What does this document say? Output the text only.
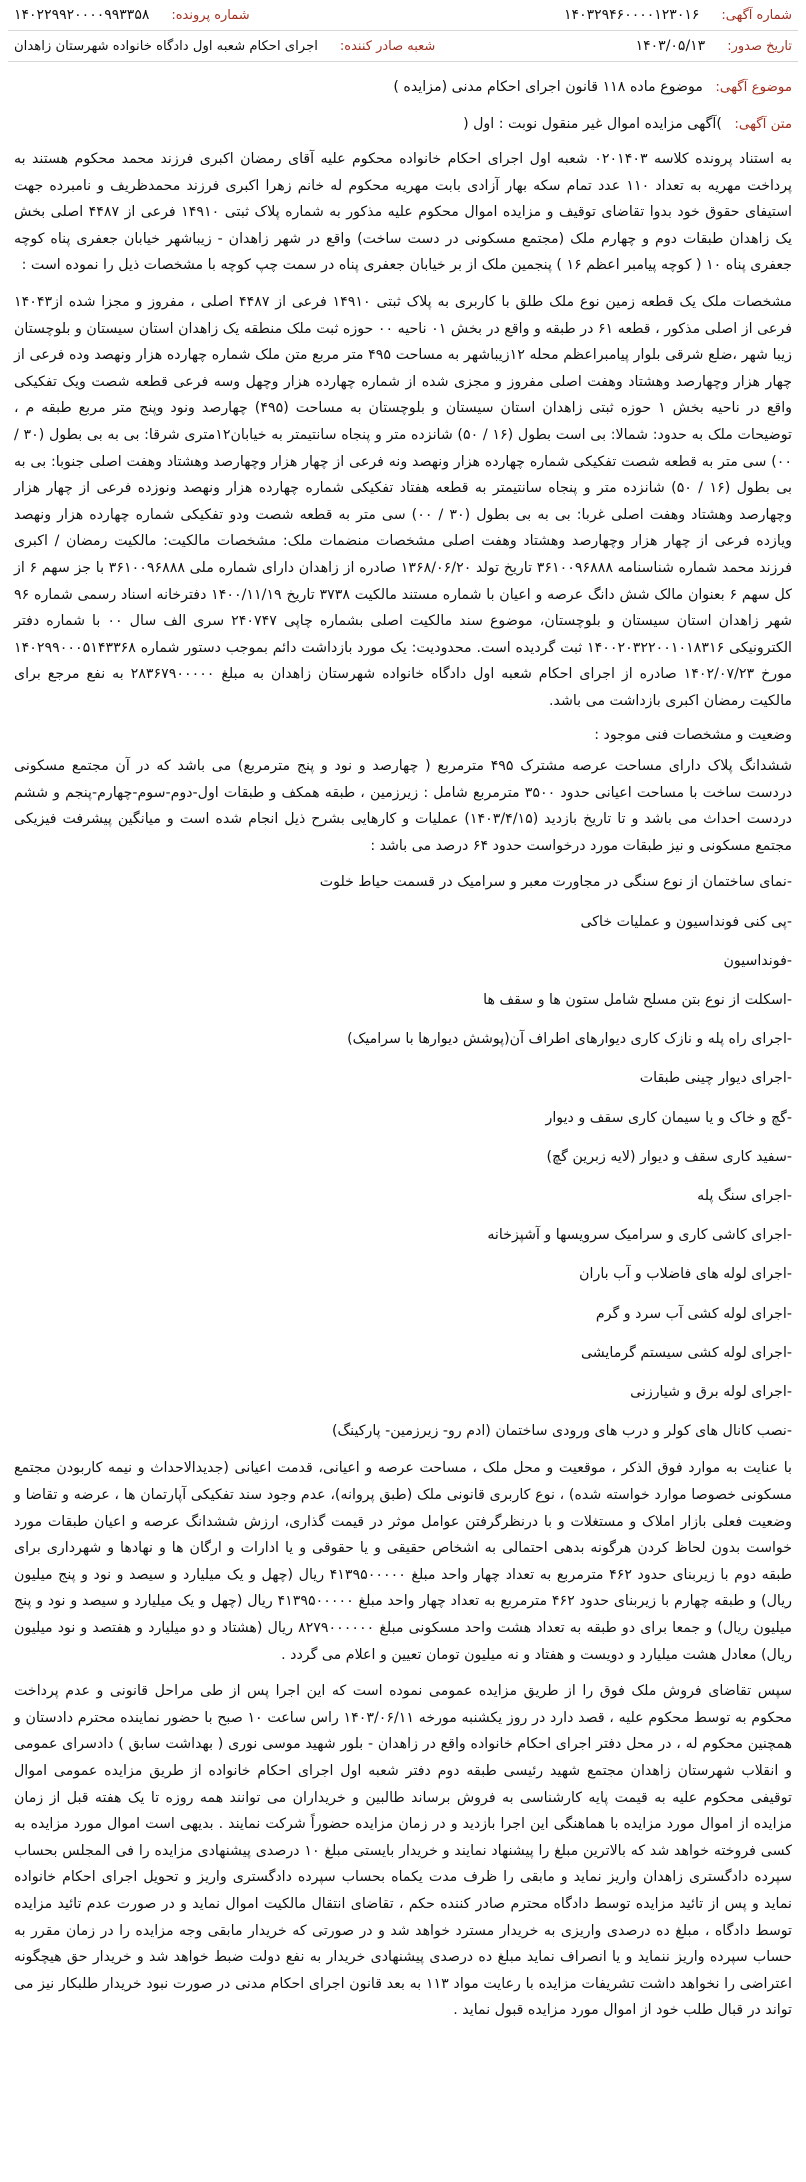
شماره آگهی:
۱۴۰۳۲۹۴۶۰۰۰۰۱۲۳۰۱۶
شماره پرونده:
۱۴۰۲۲۹۹۲۰۰۰۰۹۹۳۳۵۸
تاریخ صدور:
۱۴۰۳/۰۵/۱۳
شعبه صادر کننده:
اجرای احکام شعبه اول دادگاه خانواده شهرستان زاهدان
موضوع آگهی: موضوع ماده ۱۱۸ قانون اجرای احکام مدنی (مزایده )
متن آگهی: )آگهی مزایده اموال غیر منقول نوبت : اول (

به استناد پرونده کلاسه ۰۲۰۱۴۰۳ شعبه اول اجرای احکام خانواده محکوم علیه آقای رمضان اکبری فرزند محمد محکوم هستند به پرداخت مهریه به تعداد ۱۱۰ عدد تمام سکه بهار آزادی بابت مهریه محکوم له خانم زهرا اکبری فرزند محمدظریف و نامبرده جهت استیفای حقوق خود بدوا تقاضای توقیف و مزایده اموال محکوم علیه مذکور به شماره پلاک ثبتی ۱۴۹۱۰ فرعی از ۴۴۸۷ اصلی بخش یک زاهدان طبقات دوم و چهارم ملک (مجتمع مسکونی در دست ساخت) واقع در شهر زاهدان - زیباشهر خیابان جعفری پناه کوچه جعفری پناه ۱۰ ( کوچه پیامبر اعظم ۱۶ ) پنجمین ملک از بر خیابان جعفری پناه در سمت چپ کوچه با مشخصات ذیل را نموده است :

مشخصات ملک یک قطعه زمین نوع ملک طلق با کاربری به پلاک ثبتی ۱۴۹۱۰ فرعی از ۴۴۸۷ اصلی ، مفروز و مجزا شده از۱۴۰۴۳ فرعی از اصلی مذکور ، قطعه ۶۱ در طبقه و واقع در بخش ۰۱ ناحیه ۰۰ حوزه ثبت ملک منطقه یک زاهدان استان سیستان و بلوچستان زیبا شهر ،ضلع شرقی بلوار پیامبراعظم محله ۱۲زیباشهر به مساحت ۴۹۵ متر مربع متن ملک شماره چهارده هزار ونهصد وده فرعی از چهار هزار وچهارصد وهشتاد وهفت اصلی مفروز و مجزی شده از شماره چهارده هزار وچهل وسه فرعی قطعه شصت ویک تفکیکی واقع در ناحیه بخش ۱ حوزه ثبتی زاهدان استان سیستان و بلوچستان به مساحت (۴۹۵) چهارصد ونود وپنج متر مربع طبقه م ، توضیحات ملک به حدود: شمالا: بی است بطول (۱۶ / ۵۰) شانزده متر و پنجاه سانتیمتر به خیابان۱۲متری شرقا: بی به بی بطول (۳۰ / ۰۰) سی متر به قطعه شصت تفکیکی شماره چهارده هزار ونهصد ونه فرعی از چهار هزار وچهارصد وهشتاد وهفت اصلی جنوبا: بی به بی بطول (۱۶ / ۵۰) شانزده متر و پنجاه سانتیمتر به قطعه هفتاد تفکیکی شماره چهارده هزار ونهصد ونوزده فرعی از چهار هزار وچهارصد وهشتاد وهفت اصلی غربا: بی به بی بطول (۳۰ / ۰۰) سی متر به قطعه شصت ودو تفکیکی شماره چهارده هزار ونهصد ویازده فرعی از چهار هزار وچهارصد وهشتاد وهفت اصلی مشخصات منضمات ملک: مشخصات مالکیت: مالکیت رمضان / اکبری فرزند محمد شماره شناسنامه ۳۶۱۰۰۹۶۸۸۸ تاریخ تولد ۱۳۶۸/۰۶/۲۰ صادره از زاهدان دارای شماره ملی ۳۶۱۰۰۹۶۸۸۸ با جز سهم ۶ از کل سهم ۶ بعنوان مالک شش دانگ عرصه و اعیان با شماره مستند مالکیت ۳۷۳۸ تاریخ ۱۴۰۰/۱۱/۱۹ دفترخانه اسناد رسمی شماره ۹۶ شهر زاهدان استان سیستان و بلوچستان، موضوع سند مالکیت اصلی بشماره چاپی ۲۴۰۷۴۷ سری الف سال ۰۰ با شماره دفتر الکترونیکی ۱۴۰۰۲۰۳۲۲۰۰۱۰۱۸۳۱۶ ثبت گردیده است. محدودیت: یک مورد بازداشت دائم بموجب دستور شماره ۱۴۰۲۹۹۰۰۰۵۱۴۳۳۶۸ مورخ ۱۴۰۲/۰۷/۲۳ صادره از اجرای احکام شعبه اول دادگاه خانواده شهرستان زاهدان به مبلغ ۲۸۳۶۷۹۰۰۰۰۰ به نفع مرجع برای مالکیت رمضان اکبری بازداشت می باشد.

وضعیت و مشخصات فنی موجود :

ششدانگ پلاک دارای مساحت عرصه مشترک ۴۹۵ مترمربع ( چهارصد و نود و پنج مترمربع) می باشد که در آن مجتمع مسکونی دردست ساخت با مساحت اعیانی حدود ۳۵۰۰ مترمربع شامل : زیرزمین ، طبقه همکف و طبقات اول-دوم-سوم-چهارم-پنجم و ششم دردست احداث می باشد و تا تاریخ بازدید (۱۴۰۳/۴/۱۵) عملیات و کارهایی بشرح ذیل انجام شده است و میانگین پیشرفت فیزیکی مجتمع مسکونی و نیز طبقات مورد درخواست حدود ۶۴ درصد می باشد :

-نمای ساختمان از نوع سنگی در مجاورت معبر و سرامیک در قسمت حیاط خلوت
-پی کنی فونداسیون و عملیات خاکی
-فونداسیون
-اسکلت از نوع بتن مسلح شامل ستون ها و سقف ها
-اجرای راه پله و نازک کاری دیوارهای اطراف آن(پوشش دیوارها با سرامیک)
-اجرای دیوار چینی طبقات
-گچ و خاک و یا سیمان کاری سقف و دیوار
-سفید کاری سقف و دیوار (لایه زبرین گچ)
-اجرای سنگ پله
-اجرای کاشی کاری و سرامیک سرویسها و آشپزخانه
-اجرای لوله های فاضلاب و آب باران
-اجرای لوله کشی آب سرد و گرم
-اجرای لوله کشی سیستم گرمایشی
-اجرای لوله برق و شیارزنی
-نصب کانال های کولر و درب های ورودی ساختمان (ادم رو- زیرزمین- پارکینگ)

با عنایت به موارد فوق الذکر ، موقعیت و محل ملک ، مساحت عرصه و اعیانی، قدمت اعیانی (جدیدالاحداث و نیمه کاربودن مجتمع مسکونی خصوصا موارد خواسته شده) ، نوع کاربری قانونی ملک (طبق پروانه)، عدم وجود سند تفکیکی آپارتمان ها ، عرضه و تقاضا و وضعیت فعلی بازار املاک و مستغلات و با درنظرگرفتن عوامل موثر در قیمت گذاری، ارزش ششدانگ عرصه و اعیان طبقات مورد خواست بدون لحاظ کردن هرگونه بدهی احتمالی به اشخاص حقیقی و یا حقوقی و یا ادارات و ارگان ها و نهادها و شهرداری برای طبقه دوم با زیربنای حدود ۴۶۲ مترمربع به تعداد چهار واحد مبلغ ۴۱۳۹۵۰۰۰۰۰ ریال (چهل و یک میلیارد و سیصد و نود و پنج میلیون ریال) و طبقه چهارم با زیربنای حدود ۴۶۲ مترمربع به تعداد چهار واحد مبلغ ۴۱۳۹۵۰۰۰۰۰ ریال (چهل و یک میلیارد و سیصد و نود و پنج میلیون ریال) و جمعا برای دو طبقه به تعداد هشت واحد مسکونی مبلغ ۸۲۷۹۰۰۰۰۰۰ ریال (هشتاد و دو میلیارد و هفتصد و نود میلیون ریال) معادل هشت میلیارد و دویست و هفتاد و نه میلیون تومان تعیین و اعلام می گردد .

سپس تقاضای فروش ملک فوق را از طریق مزایده عمومی نموده است که این اجرا پس از طی مراحل قانونی و عدم پرداخت محکوم به توسط محکوم علیه ، قصد دارد در روز یکشنبه مورخه ۱۴۰۳/۰۶/۱۱ راس ساعت ۱۰ صبح با حضور نماینده محترم دادستان و همچنین محکوم له ، در محل دفتر اجرای احکام خانواده واقع در زاهدان - بلور شهید موسی نوری ( بهداشت سابق ) دادسرای عمومی و انقلاب شهرستان زاهدان مجتمع شهید رئیسی طبقه دوم دفتر شعبه اول اجرای احکام خانواده از طریق مزایده عمومی اموال توقیفی محکوم علیه به قیمت پایه کارشناسی به فروش برساند طالبین و خریداران می توانند همه روزه تا یک هفته قبل از زمان مزایده از اموال مورد مزایده با هماهنگی این اجرا بازدید و در زمان مزایده حضوراً شرکت نمایند . بدیهی است اموال مورد مزایده به کسی فروخته خواهد شد که بالاترین مبلغ را پیشنهاد نمایند و خریدار بایستی مبلغ ۱۰ درصدی پیشنهادی مزایده را فی المجلس بحساب سپرده دادگستری زاهدان واریز نماید و مابقی را ظرف مدت یکماه بحساب سپرده دادگستری واریز و تحویل اجرای احکام خانواده نماید و پس از تائید مزایده توسط دادگاه محترم صادر کننده حکم ، تقاضای انتقال مالکیت اموال نماید و در صورت عدم تائید مزایده توسط دادگاه ، مبلغ ده درصدی واریزی به خریدار مسترد خواهد شد و در صورتی که خریدار مابقی وجه مزایده را در زمان مقرر به حساب سپرده واریز ننماید و یا انصراف نماید مبلغ ده درصدی پیشنهادی خریدار به نفع دولت ضبط خواهد شد و خریدار حق هیچگونه اعتراضی را نخواهد داشت تشریفات مزایده با رعایت مواد ۱۱۳ به بعد قانون اجرای احکام مدنی در صورت نبود خریدار طلبکار نیز می تواند در قبال طلب خود از اموال مورد مزایده قبول نماید .
